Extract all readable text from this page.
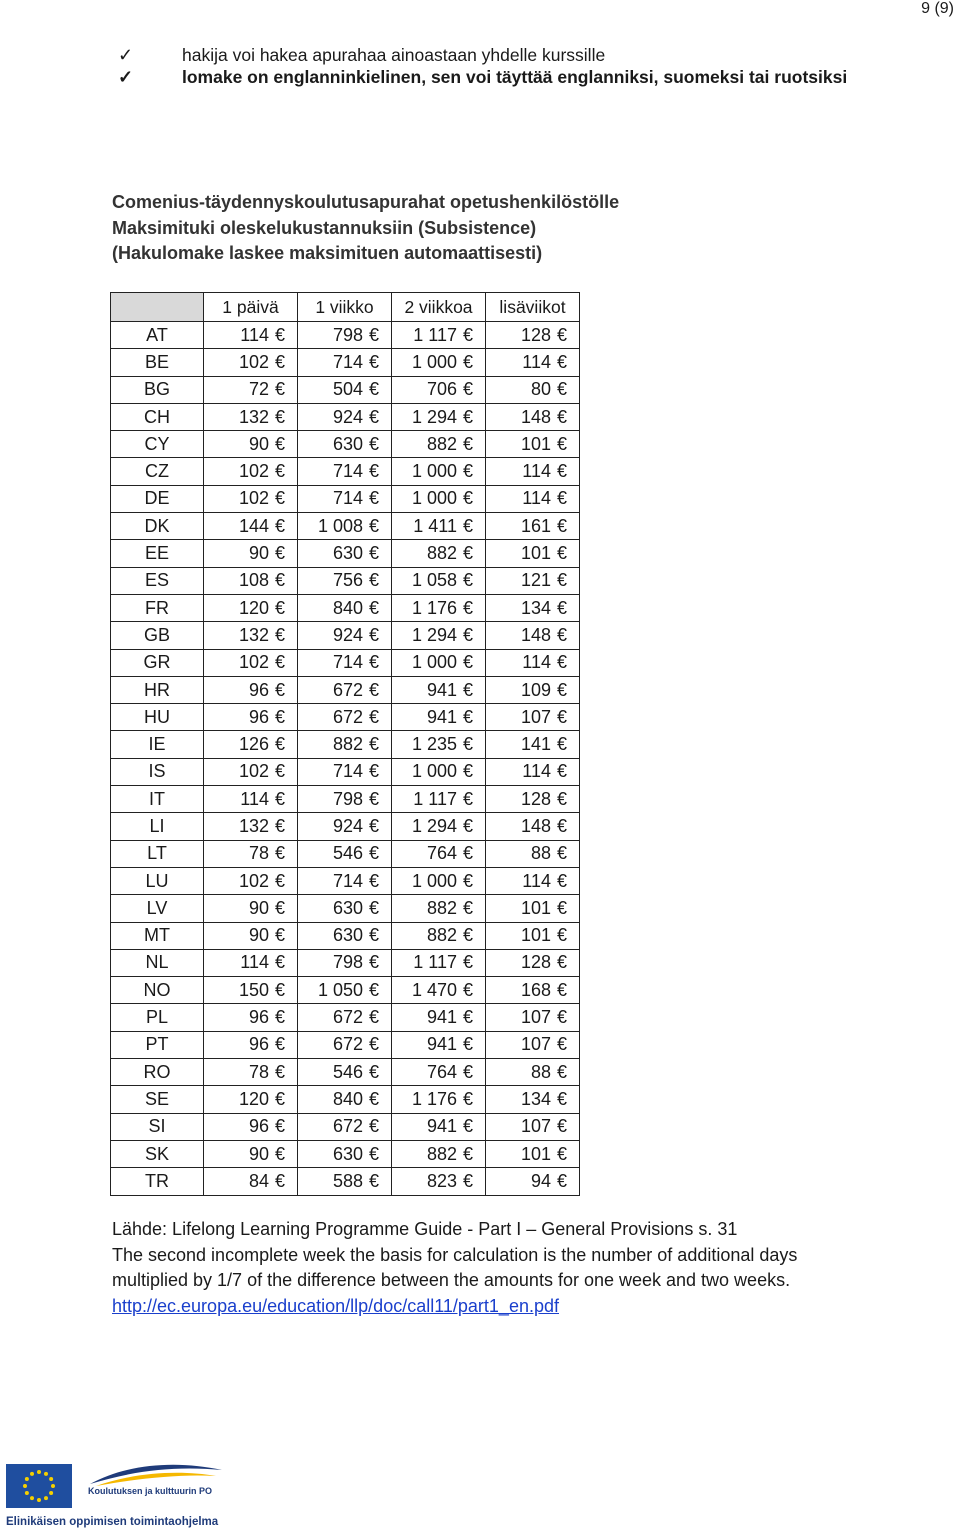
9 (9)
✓	hakija voi hakea apurahaa ainoastaan yhdelle kurssille
✓	lomake on englanninkielinen, sen voi täyttää englanniksi, suomeksi tai ruotsiksi
Comenius-täydennyskoulutusapurahat opetushenkilöstölle
Maksimituki oleskelukustannuksiin (Subsistence)
(Hakulomake laskee maksimituen automaattisesti)
	1 päivä	1 viikko	2 viikkoa	lisäviikot
AT	114 €	798 €	1 117 €	128 €
BE	102 €	714 €	1 000 €	114 €
BG	72 €	504 €	706 €	80 €
CH	132 €	924 €	1 294 €	148 €
CY	90 €	630 €	882 €	101 €
CZ	102 €	714 €	1 000 €	114 €
DE	102 €	714 €	1 000 €	114 €
DK	144 €	1 008 €	1 411 €	161 €
EE	90 €	630 €	882 €	101 €
ES	108 €	756 €	1 058 €	121 €
FR	120 €	840 €	1 176 €	134 €
GB	132 €	924 €	1 294 €	148 €
GR	102 €	714 €	1 000 €	114 €
HR	96 €	672 €	941 €	109 €
HU	96 €	672 €	941 €	107 €
IE	126 €	882 €	1 235 €	141 €
IS	102 €	714 €	1 000 €	114 €
IT	114 €	798 €	1 117 €	128 €
LI	132 €	924 €	1 294 €	148 €
LT	78 €	546 €	764 €	88 €
LU	102 €	714 €	1 000 €	114 €
LV	90 €	630 €	882 €	101 €
MT	90 €	630 €	882 €	101 €
NL	114 €	798 €	1 117 €	128 €
NO	150 €	1 050 €	1 470 €	168 €
PL	96 €	672 €	941 €	107 €
PT	96 €	672 €	941 €	107 €
RO	78 €	546 €	764 €	88 €
SE	120 €	840 €	1 176 €	134 €
SI	96 €	672 €	941 €	107 €
SK	90 €	630 €	882 €	101 €
TR	84 €	588 €	823 €	94 €
Lähde: Lifelong Learning Programme Guide - Part I – General Provisions s. 31
The second incomplete week the basis for calculation is the number of additional days
multiplied by 1/7 of the difference between the amounts for one week and two weeks.
http://ec.europa.eu/education/llp/doc/call11/part1_en.pdf
Koulutuksen ja kulttuurin PO
Elinikäisen oppimisen toimintaohjelma
